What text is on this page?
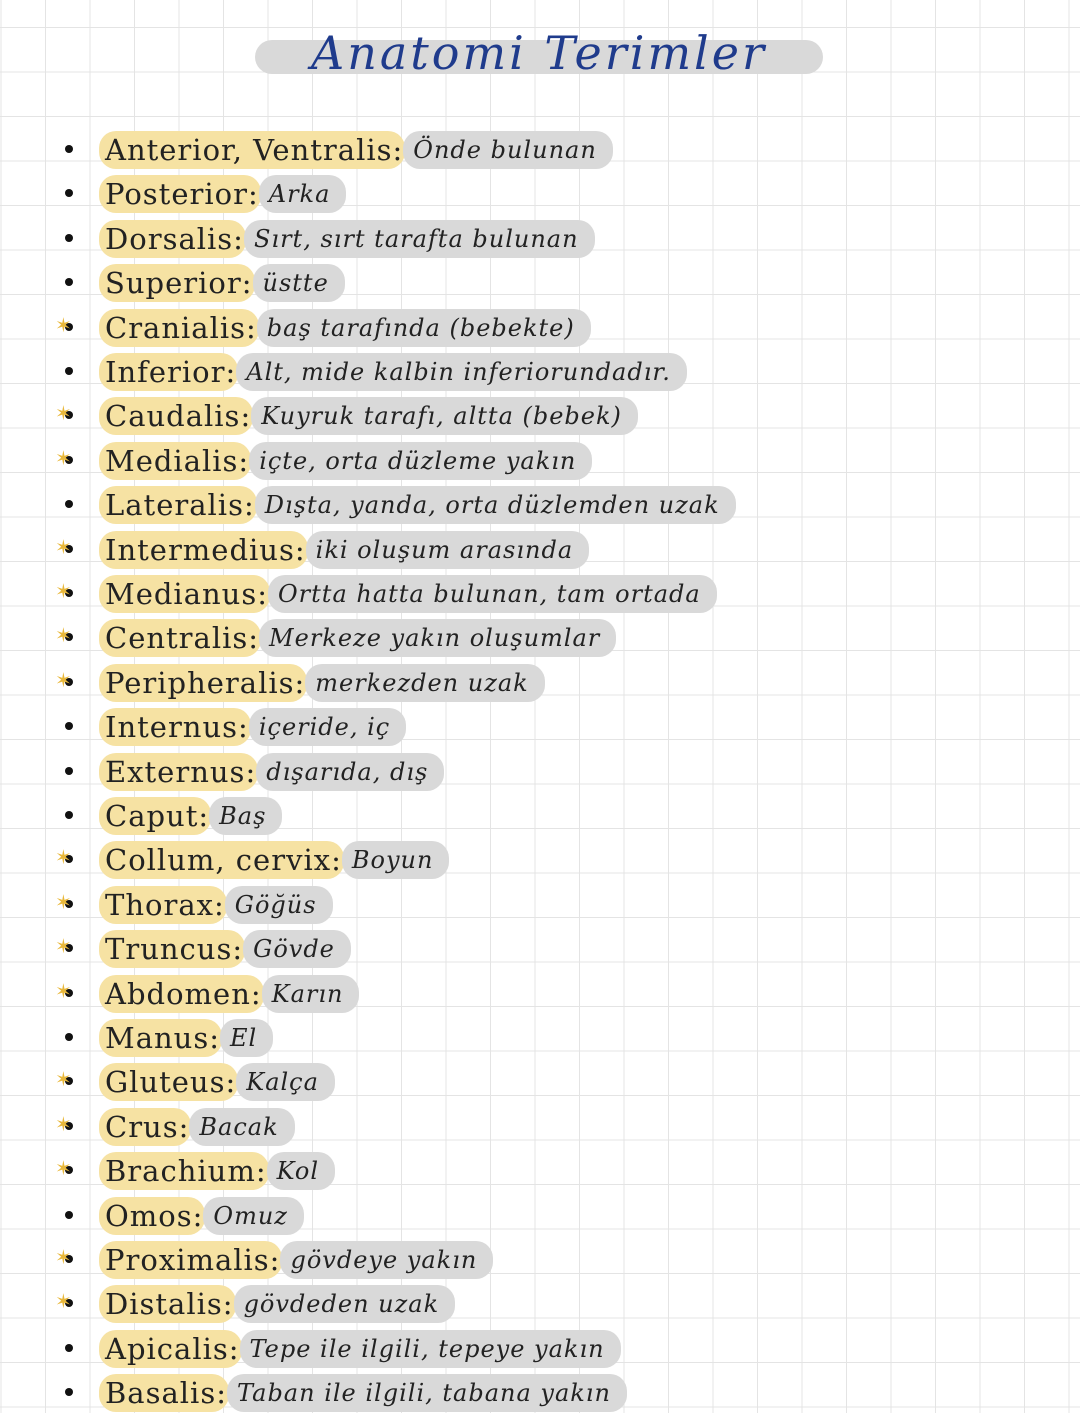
Anatomi Terimler
Anterior, Ventralis: Önde bulunan
Posterior: Arka
Dorsalis: Sırt, sırt tarafta bulunan
Superior: üstte
✶ Cranialis: baş tarafında (bebekte)
Inferior: Alt, mide kalbin inferiorundadır.
✶ Caudalis: Kuyruk tarafı, altta (bebek)
✶ Medialis: içte, orta düzleme yakın
Lateralis: Dışta, yanda, orta düzlemden uzak
✶ Intermedius: iki oluşum arasında
✶ Medianus: Ortta hatta bulunan, tam ortada
✶ Centralis: Merkeze yakın oluşumlar
✶ Peripheralis: merkezden uzak
Internus: içeride, iç
Externus: dışarıda, dış
Caput: Baş
✶ Collum, cervix: Boyun
✶ Thorax: Göğüs
✶ Truncus: Gövde
✶ Abdomen: Karın
Manus: El
✶ Gluteus: Kalça
✶ Crus: Bacak
✶ Brachium: Kol
Omos: Omuz
✶ Proximalis: gövdeye yakın
✶ Distalis: gövdeden uzak
Apicalis: Tepe ile ilgili, tepeye yakın
Basalis: Taban ile ilgili, tabana yakın
